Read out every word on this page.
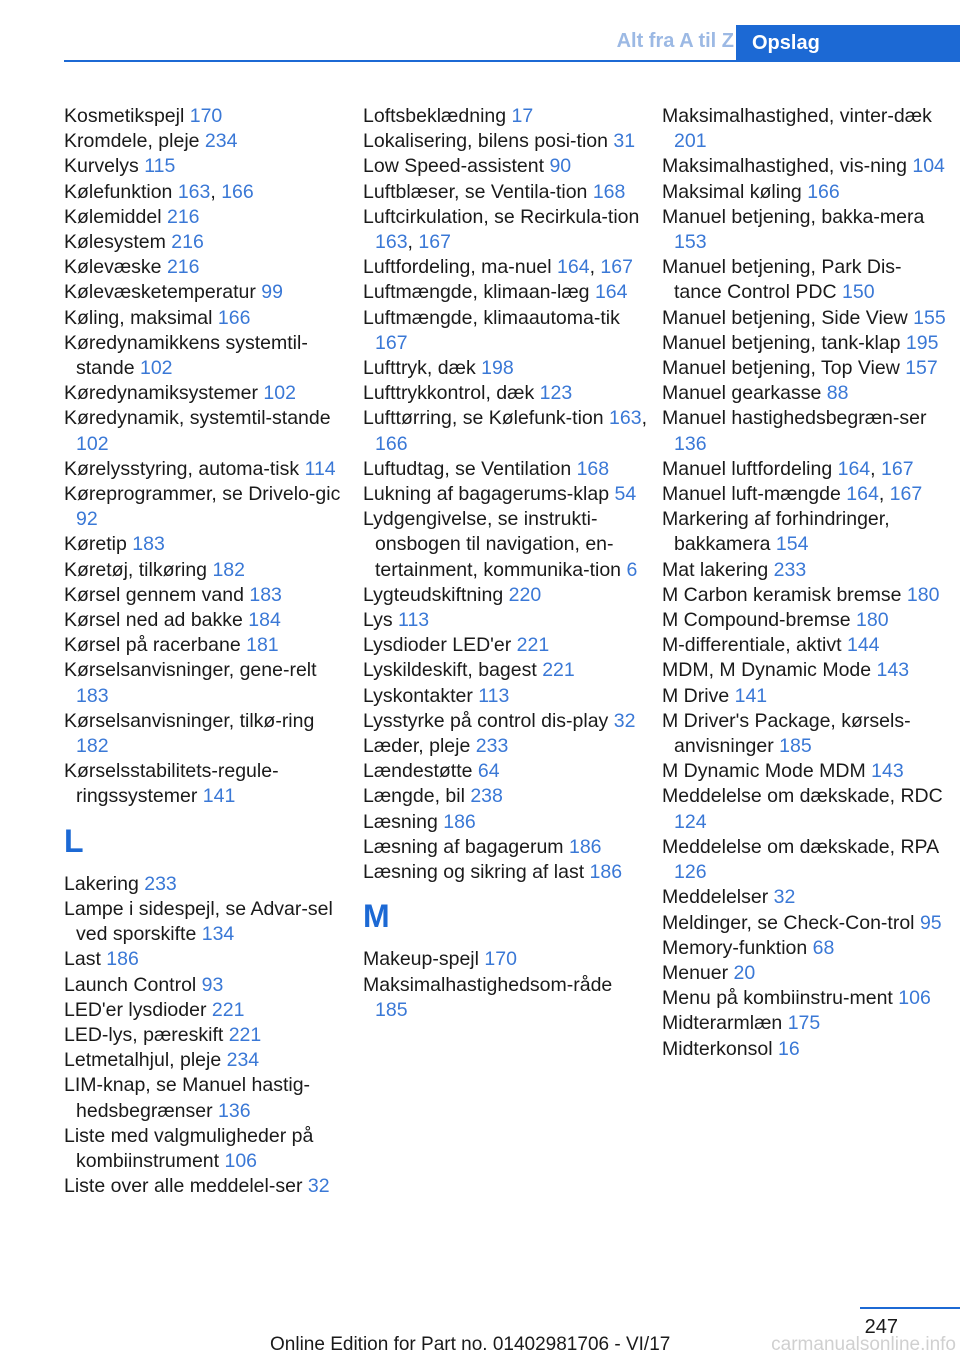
Alt fra A til Z Opslag
Kosmetikspejl 170
Kromdele, pleje 234
Kurvelys 115
Kølefunktion 163, 166
Kølemiddel 216
Kølesystem 216
Kølevæske 216
Kølevæsketemperatur 99
Køling, maksimal 166
Køredynamikkens systemtil-stande 102
Køredynamiksystemer 102
Køredynamik, systemtil-stande 102
Kørelysstyring, automa-tisk 114
Køreprogrammer, se Drivelo-gic 92
Køretip 183
Køretøj, tilkøring 182
Kørsel gennem vand 183
Kørsel ned ad bakke 184
Kørsel på racerbane 181
Kørselsanvisninger, gene-relt 183
Kørselsanvisninger, tilkø-ring 182
Kørselsstabilitets-regule-ringssystemer 141
L
Lakering 233
Lampe i sidespejl, se Advar-sel ved sporskifte 134
Last 186
Launch Control 93
LED'er lysdioder 221
LED-lys, pæreskift 221
Letmetalhjul, pleje 234
LIM-knap, se Manuel hastig-hedsbegrænser 136
Liste med valgmuligheder på kombiinstrument 106
Liste over alle meddelel-ser 32
Loftsbeklædning 17
Lokalisering, bilens posi-tion 31
Low Speed-assistent 90
Luftblæser, se Ventila-tion 168
Luftcirkulation, se Recirkula-tion 163, 167
Luftfordeling, ma-nuel 164, 167
Luftmængde, klimaan-læg 164
Luftmængde, klimaautoma-tik 167
Lufttryk, dæk 198
Lufttrykkontrol, dæk 123
Lufttørring, se Kølefunk-tion 163, 166
Luftudtag, se Ventilation 168
Lukning af bagagerums-klap 54
Lydgengivelse, se instrukti-onsbogen til navigation, en-tertainment, kommunika-tion 6
Lygteudskiftning 220
Lys 113
Lysdioder LED'er 221
Lyskildeskift, bagest 221
Lyskontakter 113
Lysstyrke på control dis-play 32
Læder, pleje 233
Lændestøtte 64
Længde, bil 238
Læsning 186
Læsning af bagagerum 186
Læsning og sikring af last 186
M
Makeup-spejl 170
Maksimalhastighedsom-råde 185
Maksimalhastighed, vinter-dæk 201
Maksimalhastighed, vis-ning 104
Maksimal køling 166
Manuel betjening, bakka-mera 153
Manuel betjening, Park Dis-tance Control PDC 150
Manuel betjening, Side View 155
Manuel betjening, tank-klap 195
Manuel betjening, Top View 157
Manuel gearkasse 88
Manuel hastighedsbegræn-ser 136
Manuel luftfordeling 164, 167
Manuel luft-mængde 164, 167
Markering af forhindringer, bakkamera 154
Mat lakering 233
M Carbon keramisk bremse 180
M Compound-bremse 180
M-differentiale, aktivt 144
MDM, M Dynamic Mode 143
M Drive 141
M Driver's Package, kørsels-anvisninger 185
M Dynamic Mode MDM 143
Meddelelse om dækskade, RDC 124
Meddelelse om dækskade, RPA 126
Meddelelser 32
Meldinger, se Check-Con-trol 95
Memory-funktion 68
Menuer 20
Menu på kombiinstru-ment 106
Midterarmlæn 175
Midterkonsol 16
247
Online Edition for Part no. 01402981706 - VI/17	carmanualsonline.info
